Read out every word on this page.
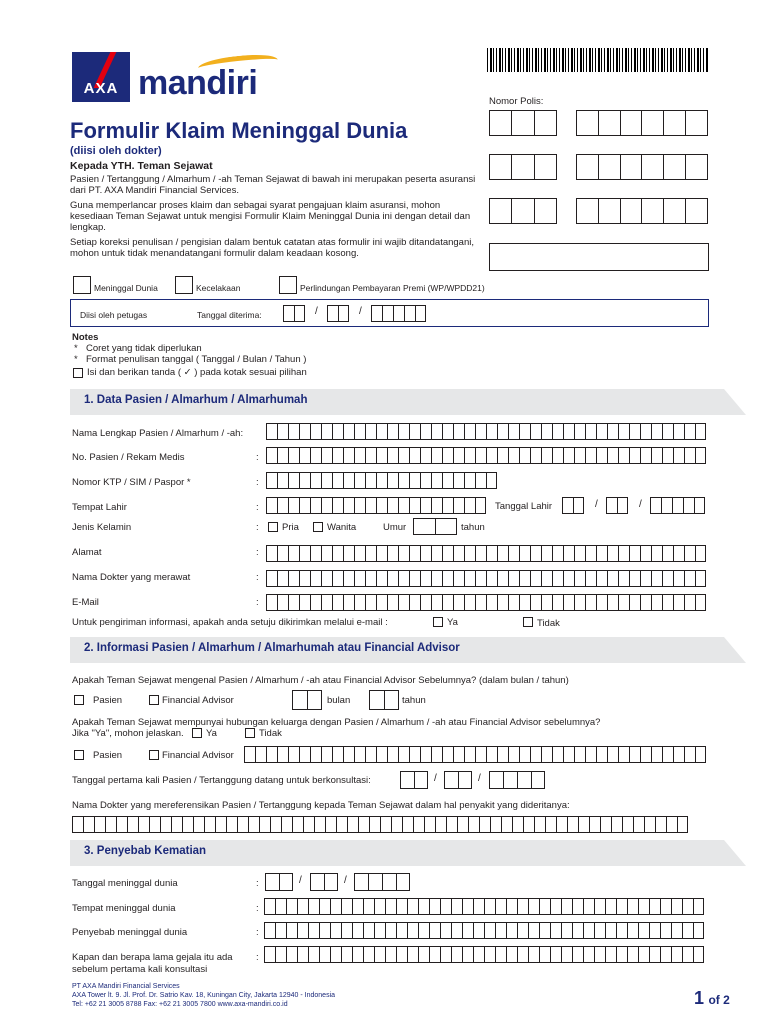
AXA mandiri	Nomor Polis:
Formulir Klaim Meninggal Dunia
(diisi oleh dokter)
Kepada YTH. Teman Sejawat
Pasien / Tertanggung / Almarhum / -ah Teman Sejawat di bawah ini merupakan peserta asuransi dari PT. AXA Mandiri Financial Services.
Guna memperlancar proses klaim dan sebagai syarat pengajuan klaim asuransi, mohon kesediaan Teman Sejawat untuk mengisi Formulir Klaim Meninggal Dunia ini dengan detail dan lengkap.
Setiap koreksi penulisan / pengisian dalam bentuk catatan atas formulir ini wajib ditandatangani, mohon untuk tidak menandatangani formulir dalam keadaan kosong.
Meninggal Dunia	Kecelakaan	Perlindungan Pembayaran Premi (WP/WPDD21)
Diisi oleh petugas	Tanggal diterima:	/	/
Notes
* Coret yang tidak diperlukan
* Format penulisan tanggal ( Tanggal / Bulan / Tahun )
Isi dan berikan tanda ( ✓ ) pada kotak sesuai pilihan
1. Data Pasien / Almarhum / Almarhumah
Nama Lengkap Pasien / Almarhum / -ah:
No. Pasien / Rekam Medis	:
Nomor KTP / SIM / Paspor *	:
Tempat Lahir	:	Tanggal Lahir	/	/
Jenis Kelamin	: Pria	Wanita	Umur	tahun
Alamat	:
Nama Dokter yang merawat	:
E-Mail	:
Untuk pengiriman informasi, apakah anda setuju dikirimkan melalui e-mail :	Ya	Tidak
2. Informasi Pasien / Almarhum / Almarhumah atau Financial Advisor
Apakah Teman Sejawat mengenal Pasien / Almarhum / -ah atau Financial Advisor Sebelumnya? (dalam bulan / tahun)
Pasien	Financial Advisor	bulan	tahun
Apakah Teman Sejawat mempunyai hubungan keluarga dengan Pasien / Almarhum / -ah atau Financial Advisor sebelumnya?
Jika "Ya", mohon jelaskan. Ya	Tidak
Pasien	Financial Advisor
Tanggal pertama kali Pasien / Tertanggung datang untuk berkonsultasi:	/	/
Nama Dokter yang mereferensikan Pasien / Tertanggung kepada Teman Sejawat dalam hal penyakit yang dideritanya:
3. Penyebab Kematian
Tanggal meninggal dunia	:	/	/
Tempat meninggal dunia	:
Penyebab meninggal dunia	:
Kapan dan berapa lama gejala itu ada
sebelum pertama kali konsultasi
:
PT AXA Mandiri Financial Services
AXA Tower lt. 9. Jl. Prof. Dr. Satrio Kav. 18, Kuningan City, Jakarta 12940 - Indonesia
Tel: +62 21 3005 8788 Fax: +62 21 3005 7800 www.axa-mandiri.co.id	1 of 2
